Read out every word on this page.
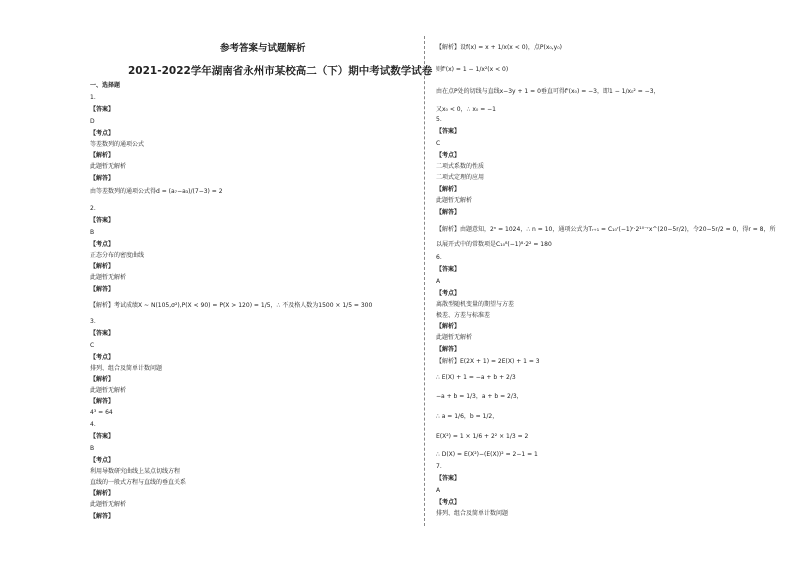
参考答案与试题解析
2021-2022学年湖南省永州市某校高二（下）期中考试数学试卷
一、选择题
1.
【答案】
D
【考点】
等差数列的通项公式
【解析】
此题暂无解析
【解答】
由等差数列的通项公式得d = (a₇−a₃)/(7−3) = 2
2.
【答案】
B
【考点】
正态分布的密度曲线
【解析】
此题暂无解析
【解答】
【解析】考试成绩X ~ N(105,σ²),P(X < 90) = P(X > 120) = 1/5，∴ 不及格人数为1500 × 1/5 = 300
3.
【答案】
C
【考点】
排列、组合及简单计数问题
【解析】
此题暂无解析
【解答】
4³ = 64
4.
【答案】
B
【考点】
利用导数研究曲线上某点切线方程
直线的一般式方程与直线的垂直关系
【解析】
此题暂无解析
【解答】
【解析】设f(x) = x + 1/x(x < 0)，点P(x₀,y₀)
则f'(x) = 1 − 1/x²(x < 0)
由在点P处的切线与直线x−3y + 1 = 0垂直可得f'(x₀) = −3，即1 − 1/x₀² = −3，
又x₀ < 0，∴ x₀ = −1
5.
【答案】
C
【考点】
二项式系数的性质
二项式定理的应用
【解析】
此题暂无解析
【解答】
【解析】由题意知，2ⁿ = 1024，∴ n = 10，通项公式为Tᵣ₊₁ = C₁₀ʳ(−1)ʳ·2¹⁰⁻ʳx^(20−5r/2)，令20−5r/2 = 0，得r = 8，所
以展开式中的常数项是C₁₀⁸(−1)⁸·2² = 180
6.
【答案】
A
【考点】
离散型随机变量的期望与方差
极差、方差与标准差
【解析】
此题暂无解析
【解答】
【解析】E(2X + 1) = 2E(X) + 1 = 3
∴ E(X) + 1 = −a + b + 2/3
−a + b = 1/3，a + b = 2/3，
∴ a = 1/6，b = 1/2，
E(X²) = 1 × 1/6 + 2² × 1/3 = 2
∴ D(X) = E(X²)−(E(X))² = 2−1 = 1
7.
【答案】
A
【考点】
排列、组合及简单计数问题
